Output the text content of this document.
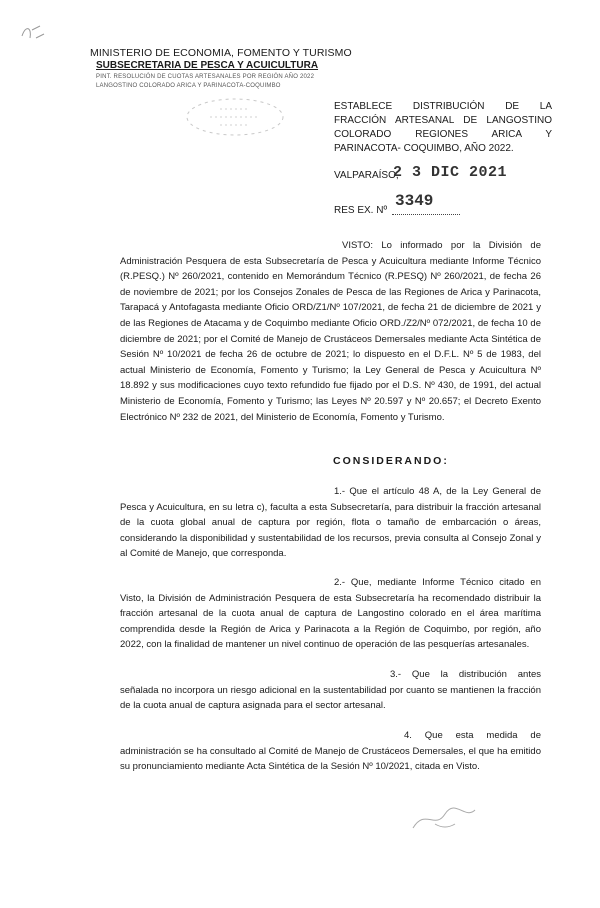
MINISTERIO DE ECONOMIA, FOMENTO Y TURISMO
SUBSECRETARIA DE PESCA Y ACUICULTURA
PINT. RESOLUCIÓN DE CUOTAS ARTESANALES POR REGIÓN AÑO 2022
LANGOSTINO COLORADO ARICA Y PARINACOTA-COQUIMBO
ESTABLECE DISTRIBUCIÓN DE LA FRACCIÓN ARTESANAL DE LANGOSTINO COLORADO REGIONES ARICA Y PARINACOTA- COQUIMBO, AÑO 2022.
VALPARAÍSO,
2 3 DIC 2021
RES EX. Nº
3349
VISTO: Lo informado por la División de Administración Pesquera de esta Subsecretaría de Pesca y Acuicultura mediante Informe Técnico (R.PESQ.) Nº 260/2021, contenido en Memorándum Técnico (R.PESQ) Nº 260/2021, de fecha 26 de noviembre de 2021; por los Consejos Zonales de Pesca de las Regiones de Arica y Parinacota, Tarapacá y Antofagasta mediante Oficio ORD/Z1/Nº 107/2021, de fecha 21 de diciembre de 2021 y de las Regiones de Atacama y de Coquimbo mediante Oficio ORD./Z2/Nº 072/2021, de fecha 10 de diciembre de 2021; por el Comité de Manejo de Crustáceos Demersales mediante Acta Sintética de Sesión Nº 10/2021 de fecha 26 de octubre de 2021; lo dispuesto en el D.F.L. Nº 5 de 1983, del actual Ministerio de Economía, Fomento y Turismo; la Ley General de Pesca y Acuicultura Nº 18.892 y sus modificaciones cuyo texto refundido fue fijado por el D.S. Nº 430, de 1991, del actual Ministerio de Economía, Fomento y Turismo; las Leyes Nº 20.597 y Nº 20.657; el Decreto Exento Electrónico Nº 232 de 2021, del Ministerio de Economía, Fomento y Turismo.
CONSIDERANDO:
1.- Que el artículo 48 A, de la Ley General de Pesca y Acuicultura, en su letra c), faculta a esta Subsecretaría, para distribuir la fracción artesanal de la cuota global anual de captura por región, flota o tamaño de embarcación o áreas, considerando la disponibilidad y sustentabilidad de los recursos, previa consulta al Consejo Zonal y al Comité de Manejo, que corresponda.
2.- Que, mediante Informe Técnico citado en Visto, la División de Administración Pesquera de esta Subsecretaría ha recomendado distribuir la fracción artesanal de la cuota anual de captura de Langostino colorado en el área marítima comprendida desde la Región de Arica y Parinacota a la Región de Coquimbo, por región, año 2022, con la finalidad de mantener un nivel continuo de operación de las pesquerías artesanales.
3.- Que la distribución antes señalada no incorpora un riesgo adicional en la sustentabilidad por cuanto se mantienen la fracción de la cuota anual de captura asignada para el sector artesanal.
4. Que esta medida de administración se ha consultado al Comité de Manejo de Crustáceos Demersales, el que ha emitido su pronunciamiento mediante Acta Sintética de la Sesión Nº 10/2021, citada en Visto.
